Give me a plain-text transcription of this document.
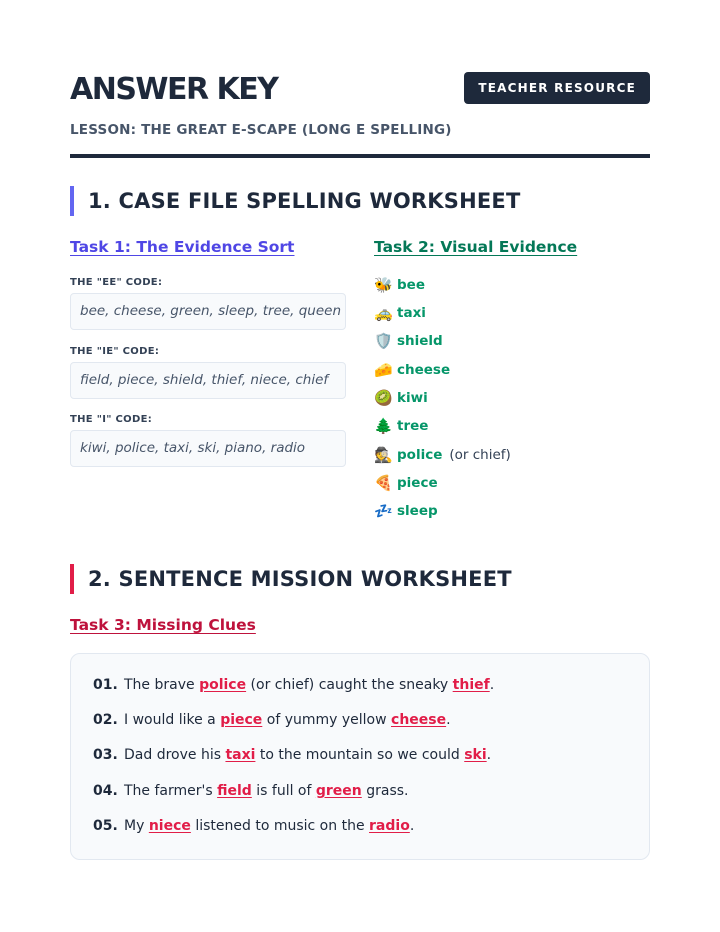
ANSWER KEY	TEACHER RESOURCE
LESSON: THE GREAT E-SCAPE (LONG E SPELLING)
1. CASE FILE SPELLING WORKSHEET
Task 1: The Evidence Sort
THE "EE" CODE:
bee, cheese, green, sleep, tree, queen
THE "IE" CODE:
field, piece, shield, thief, niece, chief
THE "I" CODE:
kiwi, police, taxi, ski, piano, radio
Task 2: Visual Evidence
🐝 bee
🚕 taxi
🛡️ shield
🧀 cheese
🥝 kiwi
🌲 tree
🕵️ police (or chief)
🍕 piece
💤 sleep
2. SENTENCE MISSION WORKSHEET
Task 3: Missing Clues
01. The brave police (or chief) caught the sneaky thief.
02. I would like a piece of yummy yellow cheese.
03. Dad drove his taxi to the mountain so we could ski.
04. The farmer's field is full of green grass.
05. My niece listened to music on the radio.
